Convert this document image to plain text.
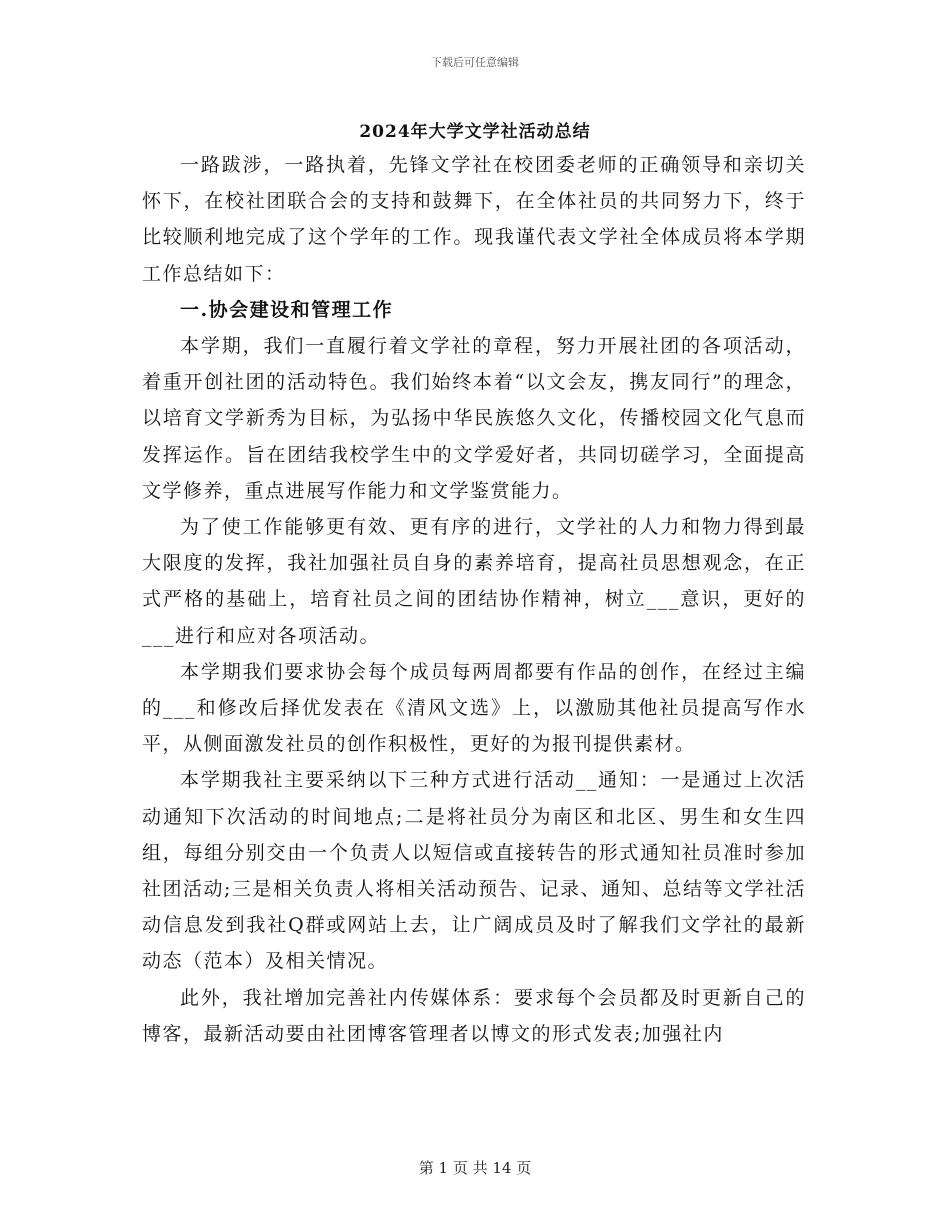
下载后可任意编辑
2024年大学文学社活动总结

一路跋涉，一路执着，先锋文学社在校团委老师的正确领导和亲切关怀下，在校社团联合会的支持和鼓舞下，在全体社员的共同努力下，终于比较顺利地完成了这个学年的工作。现我谨代表文学社全体成员将本学期工作总结如下：

一.协会建设和管理工作

本学期，我们一直履行着文学社的章程，努力开展社团的各项活动，着重开创社团的活动特色。我们始终本着“以文会友，携友同行”的理念，以培育文学新秀为目标，为弘扬中华民族悠久文化，传播校园文化气息而发挥运作。旨在团结我校学生中的文学爱好者，共同切磋学习，全面提高文学修养，重点进展写作能力和文学鉴赏能力。

为了使工作能够更有效、更有序的进行，文学社的人力和物力得到最大限度的发挥，我社加强社员自身的素养培育，提高社员思想观念，在正式严格的基础上，培育社员之间的团结协作精神，树立___意识，更好的___进行和应对各项活动。

本学期我们要求协会每个成员每两周都要有作品的创作，在经过主编的___和修改后择优发表在《清风文选》上，以激励其他社员提高写作水平，从侧面激发社员的创作积极性，更好的为报刊提供素材。

本学期我社主要采纳以下三种方式进行活动__通知：一是通过上次活动通知下次活动的时间地点;二是将社员分为南区和北区、男生和女生四组，每组分别交由一个负责人以短信或直接转告的形式通知社员准时参加社团活动;三是相关负责人将相关活动预告、记录、通知、总结等文学社活动信息发到我社Q群或网站上去，让广阔成员及时了解我们文学社的最新动态（范本）及相关情况。

此外，我社增加完善社内传媒体系：要求每个会员都及时更新自己的博客，最新活动要由社团博客管理者以博文的形式发表;加强社内

第 1 页 共 14 页
